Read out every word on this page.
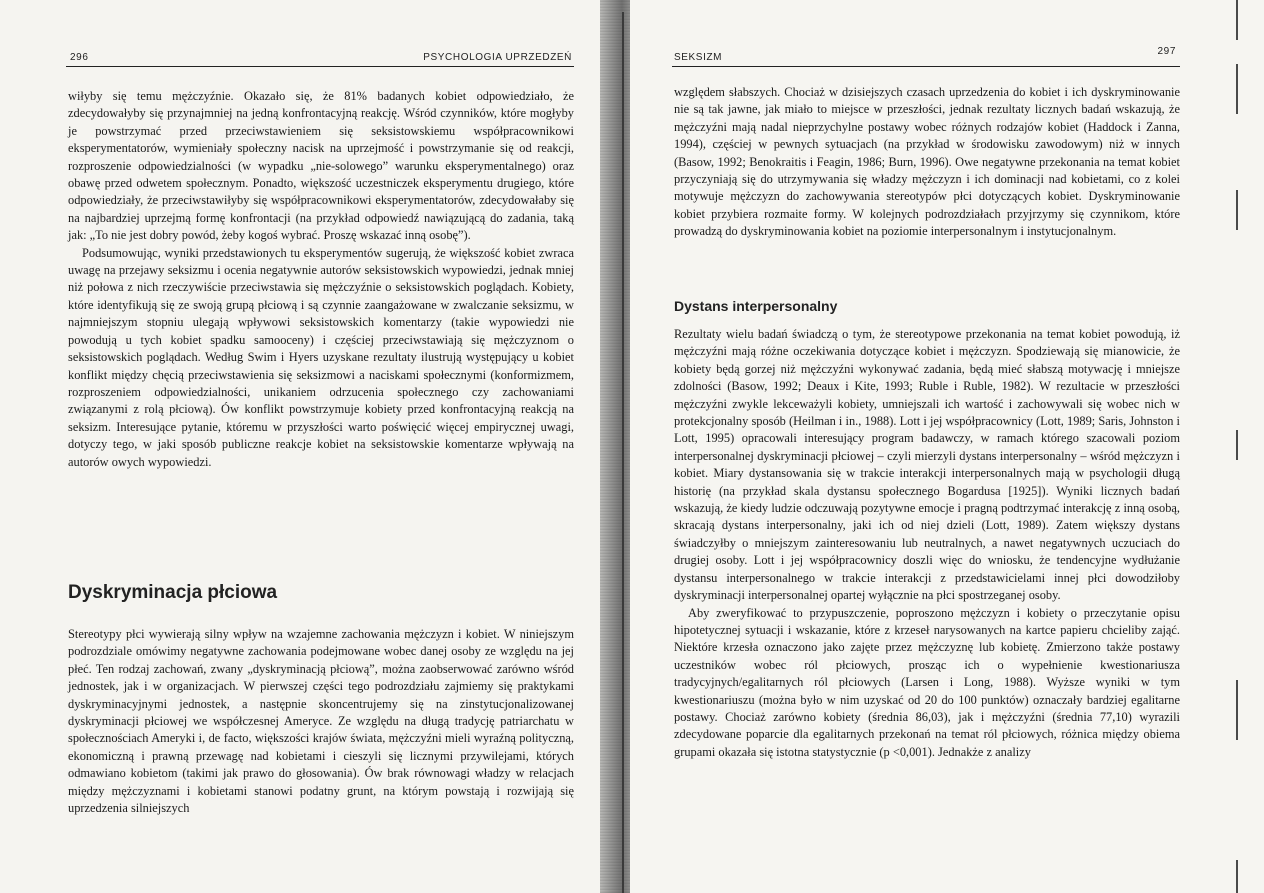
296	PSYCHOLOGIA UPRZEDZEŃ

wiłyby się temu mężczyźnie. Okazało się, że 81% badanych kobiet odpowiedziało, że zdecydowałyby się przynajmniej na jedną konfrontacyjną reakcję. Wśród czynników, które mogłyby je powstrzymać przed przeciwstawieniem się seksistowskiemu współpracownikowi eksperymentatorów, wymieniały społeczny nacisk na uprzejmość i powstrzymanie się od reakcji, rozproszenie odpowiedzialności (w wypadku „nie-solowego” warunku eksperymentalnego) oraz obawę przed odwetem społecznym. Ponadto, większość uczestniczek eksperymentu drugiego, które odpowiedziały, że przeciwstawiłyby się współpracownikowi eksperymentatorów, zdecydowałaby się na najbardziej uprzejmą formę konfrontacji (na przykład odpowiedź nawiązującą do zadania, taką jak: „To nie jest dobry powód, żeby kogoś wybrać. Proszę wskazać inną osobę”).

Podsumowując, wyniki przedstawionych tu eksperymentów sugerują, że większość kobiet zwraca uwagę na przejawy seksizmu i ocenia negatywnie autorów seksistowskich wypowiedzi, jednak mniej niż połowa z nich rzeczywiście przeciwstawia się mężczyźnie o seksistowskich poglądach. Kobiety, które identyfikują się ze swoją grupą płciową i są czynnie zaangażowane w zwalczanie seksizmu, w najmniejszym stopniu ulegają wpływowi seksistowskich komentarzy (takie wypowiedzi nie powodują u tych kobiet spadku samooceny) i częściej przeciwstawiają się mężczyznom o seksistowskich poglądach. Według Swim i Hyers uzyskane rezultaty ilustrują występujący u kobiet konflikt między chęcią przeciwstawienia się seksizmowi a naciskami społecznymi (konformizmem, rozproszeniem odpowiedzialności, unikaniem odrzucenia społecznego czy zachowaniami związanymi z rolą płciową). Ów konflikt powstrzymuje kobiety przed konfrontacyjną reakcją na seksizm. Interesujące pytanie, któremu w przyszłości warto poświęcić więcej empirycznej uwagi, dotyczy tego, w jaki sposób publiczne reakcje kobiet na seksistowskie komentarze wpływają na autorów owych wypowiedzi.

Dyskryminacja płciowa

Stereotypy płci wywierają silny wpływ na wzajemne zachowania mężczyzn i kobiet. W niniejszym podrozdziale omówimy negatywne zachowania podejmowane wobec danej osoby ze względu na jej płeć. Ten rodzaj zachowań, zwany „dyskryminacją płciową”, można zaobserwować zarówno wśród jednostek, jak i w organizacjach. W pierwszej części tego podrozdziału zajmiemy się praktykami dyskryminacyjnymi jednostek, a następnie skoncentrujemy się na zinstytucjonalizowanej dyskryminacji płciowej we współczesnej Ameryce. Ze względu na długą tradycję patriarchatu w społecznościach Ameryki i, de facto, większości krajów świata, mężczyźni mieli wyraźną polityczną, ekonomiczną i prawną przewagę nad kobietami i cieszyli się licznymi przywilejami, których odmawiano kobietom (takimi jak prawo do głosowania). Ów brak równowagi władzy w relacjach między mężczyznami i kobietami stanowi podatny grunt, na którym powstają i rozwijają się uprzedzenia silniejszych

SEKSIZM
297

względem słabszych. Chociaż w dzisiejszych czasach uprzedzenia do kobiet i ich dyskryminowanie nie są tak jawne, jak miało to miejsce w przeszłości, jednak rezultaty licznych badań wskazują, że mężczyźni mają nadal nieprzychylne postawy wobec różnych rodzajów kobiet (Haddock i Zanna, 1994), częściej w pewnych sytuacjach (na przykład w środowisku zawodowym) niż w innych (Basow, 1992; Benokraitis i Feagin, 1986; Burn, 1996). Owe negatywne przekonania na temat kobiet przyczyniają się do utrzymywania się władzy mężczyzn i ich dominacji nad kobietami, co z kolei motywuje mężczyzn do zachowywania stereotypów płci dotyczących kobiet. Dyskryminowanie kobiet przybiera rozmaite formy. W kolejnych podrozdziałach przyjrzymy się czynnikom, które prowadzą do dyskryminowania kobiet na poziomie interpersonalnym i instytucjonalnym.

Dystans interpersonalny

Rezultaty wielu badań świadczą o tym, że stereotypowe przekonania na temat kobiet powodują, iż mężczyźni mają różne oczekiwania dotyczące kobiet i mężczyzn. Spodziewają się mianowicie, że kobiety będą gorzej niż mężczyźni wykonywać zadania, będą mieć słabszą motywację i mniejsze zdolności (Basow, 1992; Deaux i Kite, 1993; Ruble i Ruble, 1982). W rezultacie w przeszłości mężczyźni zwykle lekceważyli kobiety, umniejszali ich wartość i zachowywali się wobec nich w protekcjonalny sposób (Heilman i in., 1988). Lott i jej współpracownicy (Lott, 1989; Saris, Johnston i Lott, 1995) opracowali interesujący program badawczy, w ramach którego szacowali poziom interpersonalnej dyskryminacji płciowej – czyli mierzyli dystans interpersonalny – wśród mężczyzn i kobiet. Miary dystansowania się w trakcie interakcji interpersonalnych mają w psychologii długą historię (na przykład skala dystansu społecznego Bogardusa [1925]). Wyniki licznych badań wskazują, że kiedy ludzie odczuwają pozytywne emocje i pragną podtrzymać interakcję z inną osobą, skracają dystans interpersonalny, jaki ich od niej dzieli (Lott, 1989). Zatem większy dystans świadczyłby o mniejszym zainteresowaniu lub neutralnych, a nawet negatywnych uczuciach do drugiej osoby. Lott i jej współpracownicy doszli więc do wniosku, że tendencyjne wydłużanie dystansu interpersonalnego w trakcie interakcji z przedstawicielami innej płci dowodziłoby dyskryminacji interpersonalnej opartej wyłącznie na płci spostrzeganej osoby.

Aby zweryfikować to przypuszczenie, poproszono mężczyzn i kobiety o przeczytanie opisu hipotetycznej sytuacji i wskazanie, które z krzeseł narysowanych na kartce papieru chcieliby zająć. Niektóre krzesła oznaczono jako zajęte przez mężczyznę lub kobietę. Zmierzono także postawy uczestników wobec ról płciowych, prosząc ich o wypełnienie kwestionariusza tradycyjnych/egalitarnych ról płciowych (Larsen i Long, 1988). Wyższe wyniki w tym kwestionariuszu (można było w nim uzyskać od 20 do 100 punktów) oznaczały bardziej egalitarne postawy. Chociaż zarówno kobiety (średnia 86,03), jak i mężczyźni (średnia 77,10) wyrazili zdecydowane poparcie dla egalitarnych przekonań na temat ról płciowych, różnica między obiema grupami okazała się istotna statystycznie (p <0,001). Jednakże z analizy
